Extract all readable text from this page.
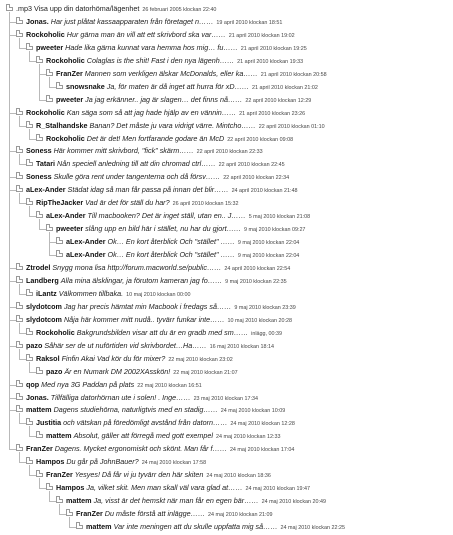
.mp3 Visa upp din datorhöma/lägenhet 26 februari 2005 klockan 22:40
Jonas. Har just plåtat kassaapparaten från företaget n…… 19 april 2010 klockan 18:51
Rockoholic Hur gärna man än vill att ett skrivbord ska var…… 21 april 2010 klockan 19:02
pweeter Hade lika gärna kunnat vara hemma hos mig… fu…… 21 april 2010 klockan 19:25
Rockoholic Colaglas is the shit! Fast i den nya lägenh…… 21 april 2010 klockan 19:33
FranZer Mannen som verkligen älskar McDonalds, eller ka…… 21 april 2010 klockan 20:58
snowsnake Ja, för maten är då inget att hurra för xD…… 21 april 2010 klockan 21:02
pweeter Ja jag erkänner.. jag är slagen… det finns nå…… 22 april 2010 klockan 12:29
Rockoholic Kan säga som så att jag hade hjälp av en vännin…… 21 april 2010 klockan 23:26
R_Stalhandske Banan? Det måste ju vara vidrigt värre. Mintcho…… 22 april 2010 klockan 01:10
Rockoholic Det är det! Men fortfarande godare än McD 22 april 2010 klockan 09:08
Soness Här kommer mitt skrivbord, "fick" skärm…… 22 april 2010 klockan 22:33
Tatari Nån speciell anledning till att din chromad ctrl…… 22 april 2010 klockan 22:45
Soness Skulle göra rent under tangenterna och då försv…… 22 april 2010 klockan 22:34
aLex-Ander Städat idag så man får passa på innan det blir…… 24 april 2010 klockan 21:48
RipTheJacker Vad är det för ställ du har? 26 april 2010 klockan 15:32
aLex-Ander Till macbooken? Det är inget ställ, utan en.. J…… 5 maj 2010 klockan 21:08
pweeter slång upp en bild här i stället, nu har du gjort…… 9 maj 2010 klockan 09:27
aLex-Ander Ok… En kort återblick Och "stället" …… 9 maj 2010 klockan 22:04
aLex-Ander Ok… En kort återblick Och "stället" …… 9 maj 2010 klockan 22:04
Ztrodel Snygg mona lisa http://forum.macworld.se/public…… 24 april 2010 klockan 22:54
Landberg Alla mina älsklingar, ja förutom kameran jag fo…… 9 maj 2010 klockan 22:35
iLantz Välkommen tillbaka. 10 maj 2010 klockan 00:00
slydotcom Jag har precis hämtat min Macbook i fredags så…… 9 maj 2010 klockan 23:39
slydotcom Nåja här kommer mitt nudå.. tyvärr funkar inte…… 10 maj 2010 klockan 20:28
Rockoholic Bakgrundsbilden visar att du är en gradb med sm…… inlägg, 00:39
pazo Såhär ser de ut nuförtiden vid skrivbordet…Ha…… 16 maj 2010 klockan 18:14
Raksol Finfin Akai Vad kör du för mixer? 22 maj 2010 klockan 23:02
pazo Är en Numark DM 2002XAsskön! 22 maj 2010 klockan 21:07
qop Med nya 3G Paddan på plats 22 maj 2010 klockan 16:51
Jonas. Tillfälliga datorhörnan ute i solen! . Inge…… 23 maj 2010 klockan 17:34
mattem Dagens studiehörna, naturligtvis med en stadig…… 24 maj 2010 klockan 10:09
Justitia och vätskan på föredömligt avstånd från datorn…… 24 maj 2010 klockan 12:28
mattem Absolut, gäller att förregå med gott exempel 24 maj 2010 klockan 12:33
FranZer Dagens. Mycket ergonomiskt och skönt. Man får f…… 24 maj 2010 klockan 17:04
Hampos Du går på JohnBauer? 24 maj 2010 klockan 17:58
FranZer Yesyes! Då får vi ju tyvärr den här skiten 24 maj 2010 klockan 18:36
Hampos Ja, vilket skit. Men man skall väl vara glad at…… 24 maj 2010 klockan 19:47
mattem Ja, visst är det hemskt när man får en egen bär…… 24 maj 2010 klockan 20:49
FranZer Du måste förstå att inlägge…… 24 maj 2010 klockan 21:09
mattem Var inte meningen att du skulle uppfatta mig så…… 24 maj 2010 klockan 22:25
